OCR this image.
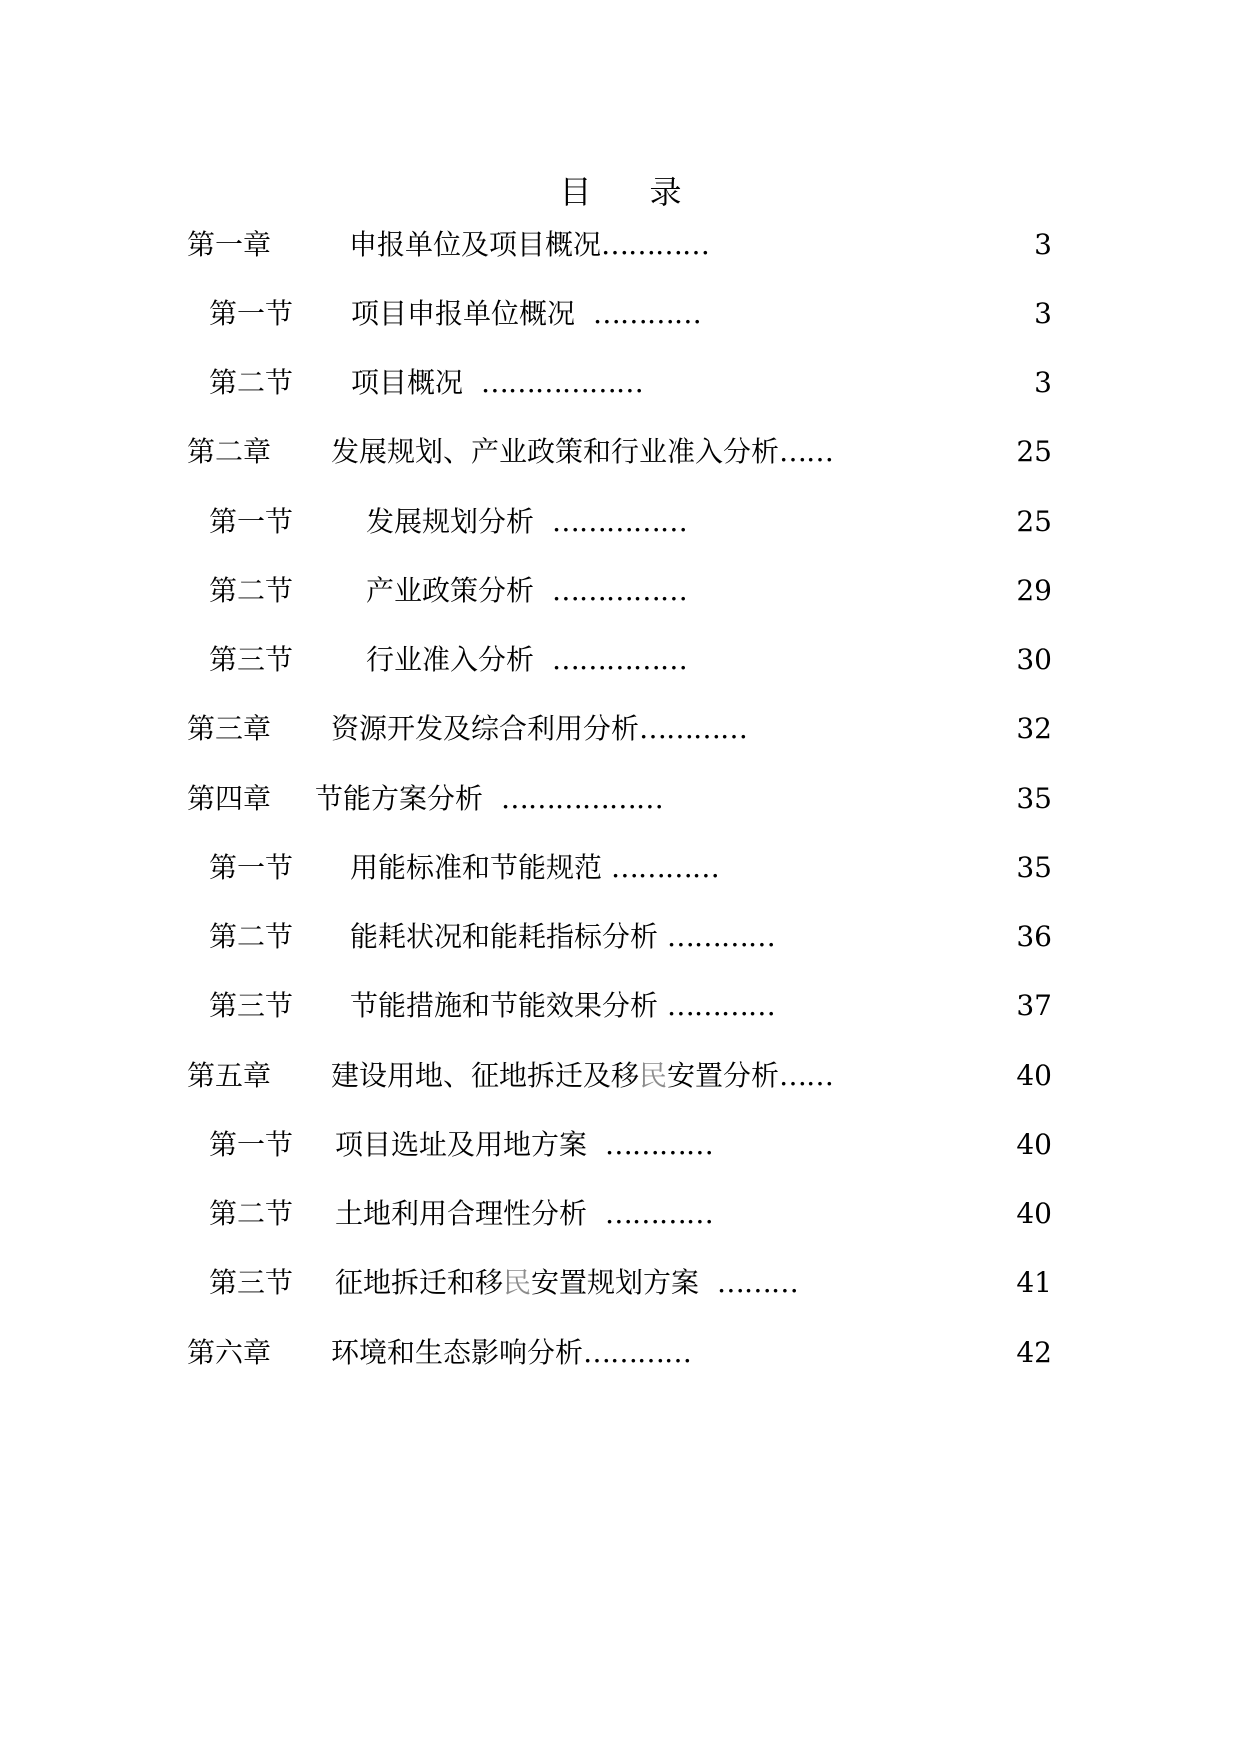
目录
第一章	申报单位及项目概况…………	3
第一节 项目申报单位概况 …………	3
第二节 项目概况 ………………	3
第二章 发展规划、产业政策和行业准入分析……	25
第一节	发展规划分析 ……………	25
第二节	产业政策分析 ……………	29
第三节	行业准入分析 ……………	30
第三章 资源开发及综合利用分析…………	32
第四章 节能方案分析 ………………	35
第一节 用能标准和节能规范 …………	35
第二节 能耗状况和能耗指标分析 …………	36
第三节 节能措施和节能效果分析 …………	37
第五章 建设用地、征地拆迁及移民安置分析……	40
第一节 项目选址及用地方案 …………	40
第二节 土地利用合理性分析 …………	40
第三节 征地拆迁和移民安置规划方案 ………	41
第六章 环境和生态影响分析…………	42
